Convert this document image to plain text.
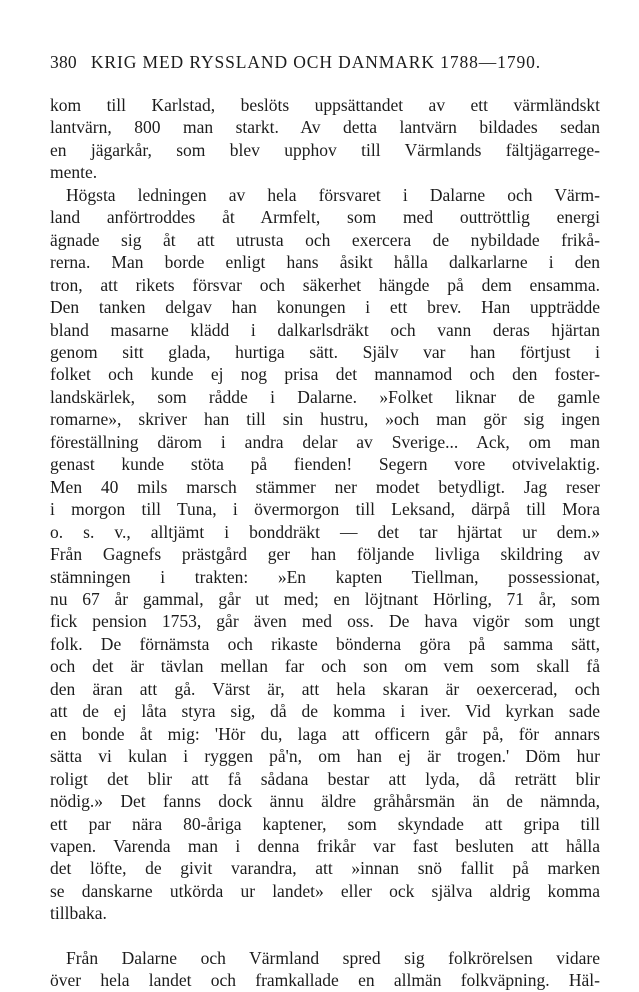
380 KRIG MED RYSSLAND OCH DANMARK 1788—1790.
kom till Karlstad, beslöts uppsättandet av ett värmländskt
lantvärn, 800 man starkt. Av detta lantvärn bildades sedan
en jägarkår, som blev upphov till Värmlands fältjägarrege-
mente.
Högsta ledningen av hela försvaret i Dalarne och Värm-
land anförtroddes åt Armfelt, som med outtröttlig energi
ägnade sig åt att utrusta och exercera de nybildade frikå-
rerna. Man borde enligt hans åsikt hålla dalkarlarne i den
tron, att rikets försvar och säkerhet hängde på dem ensamma.
Den tanken delgav han konungen i ett brev. Han uppträdde
bland masarne klädd i dalkarlsdräkt och vann deras hjärtan
genom sitt glada, hurtiga sätt. Själv var han förtjust i
folket och kunde ej nog prisa det mannamod och den foster-
landskärlek, som rådde i Dalarne. »Folket liknar de gamle
romarne», skriver han till sin hustru, »och man gör sig ingen
föreställning därom i andra delar av Sverige... Ack, om man
genast kunde stöta på fienden! Segern vore otvivelaktig.
Men 40 mils marsch stämmer ner modet betydligt. Jag reser
i morgon till Tuna, i övermorgon till Leksand, därpå till Mora
o. s. v., alltjämt i bonddräkt — det tar hjärtat ur dem.»
Från Gagnefs prästgård ger han följande livliga skildring av
stämningen i trakten: »En kapten Tiellman, possessionat,
nu 67 år gammal, går ut med; en löjtnant Hörling, 71 år, som
fick pension 1753, går även med oss. De hava vigör som ungt
folk. De förnämsta och rikaste bönderna göra på samma sätt,
och det är tävlan mellan far och son om vem som skall få
den äran att gå. Värst är, att hela skaran är oexercerad, och
att de ej låta styra sig, då de komma i iver. Vid kyrkan sade
en bonde åt mig: 'Hör du, laga att officern går på, för annars
sätta vi kulan i ryggen på'n, om han ej är trogen.' Döm hur
roligt det blir att få sådana bestar att lyda, då reträtt blir
nödig.» Det fanns dock ännu äldre gråhårsmän än de nämnda,
ett par nära 80-åriga kaptener, som skyndade att gripa till
vapen. Varenda man i denna frikår var fast besluten att hålla
det löfte, de givit varandra, att »innan snö fallit på marken
se danskarne utkörda ur landet» eller ock själva aldrig komma
tillbaka.
Från Dalarne och Värmland spred sig folkrörelsen vidare
över hela landet och framkallade en allmän folkväpning. Häl-
